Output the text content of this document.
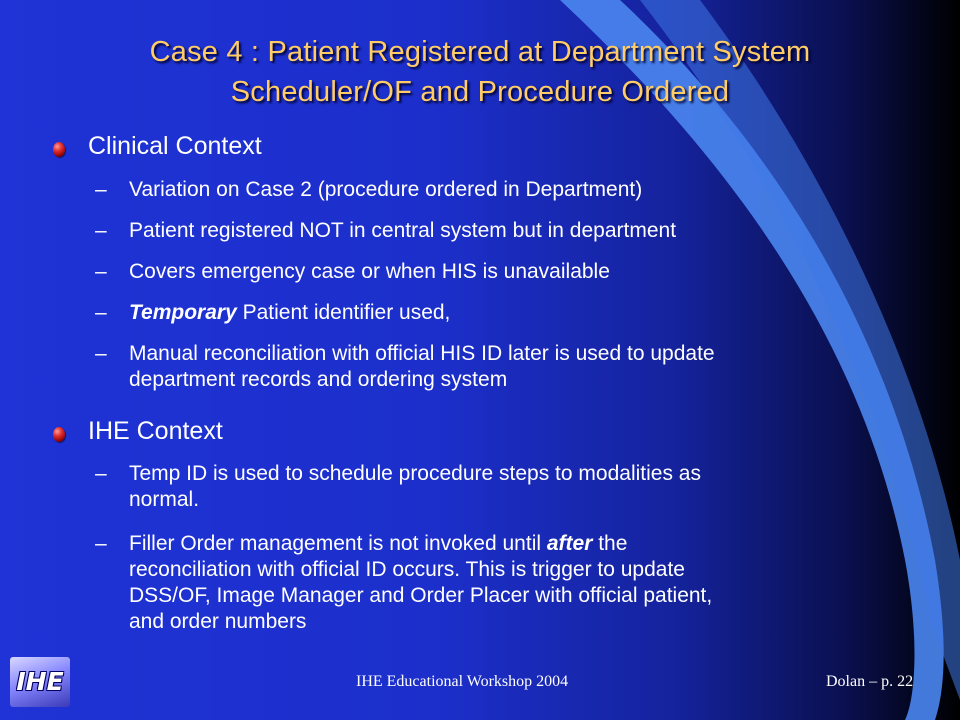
Case 4 : Patient Registered at Department System
Scheduler/OF and Procedure Ordered
Clinical Context
–	Variation on Case 2 (procedure ordered in Department)
–	Patient registered NOT in central system but in department
–	Covers emergency case or when HIS is unavailable
–	Temporary Patient identifier used,
– Manual reconciliation with official HIS ID later is used to update
department records and ordering system
IHE Context
– Temp ID is used to schedule procedure steps to modalities as
normal.
– Filler Order management is not invoked until after the
reconciliation with official ID occurs. This is trigger to update
DSS/OF, Image Manager and Order Placer with official patient,
and order numbers
IHE	IHE Educational Workshop 2004	Dolan – p. 22
